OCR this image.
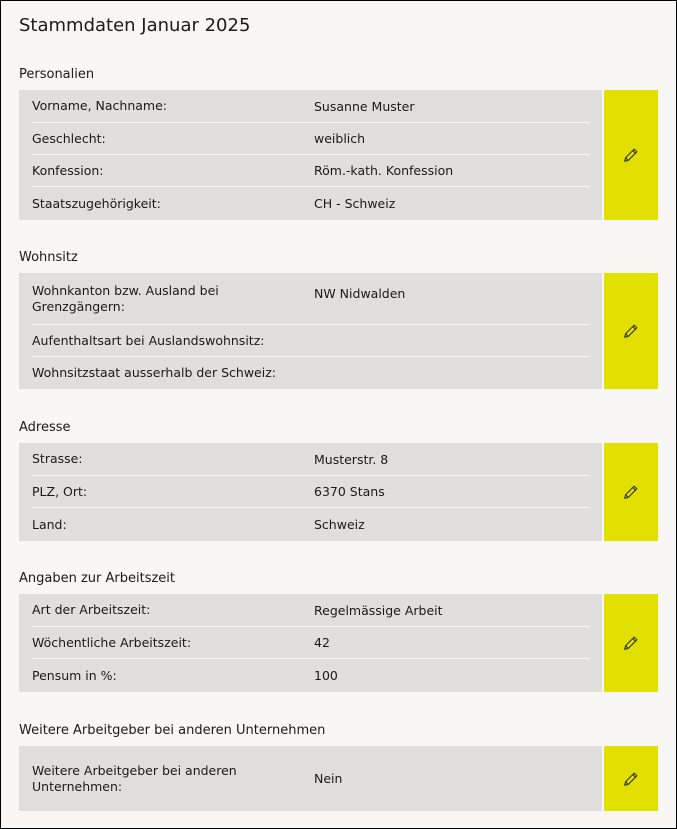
Stammdaten Januar 2025
Personalien
Vorname, Nachname:	Susanne Muster
Geschlecht:	weiblich
Konfession:	Röm.-kath. Konfession
Staatszugehörigkeit:	CH - Schweiz
Wohnsitz
Wohnkanton bzw. Ausland bei Grenzgängern:
NW Nidwalden
Aufenthaltsart bei Auslandswohnsitz:
Wohnsitzstaat ausserhalb der Schweiz:
Adresse
Strasse:	Musterstr. 8
PLZ, Ort:	6370 Stans
Land:	Schweiz
Angaben zur Arbeitszeit
Art der Arbeitszeit:	Regelmässige Arbeit
Wöchentliche Arbeitszeit:	42
Pensum in %:	100
Weitere Arbeitgeber bei anderen Unternehmen
Weitere Arbeitgeber bei anderen Unternehmen:	Nein
